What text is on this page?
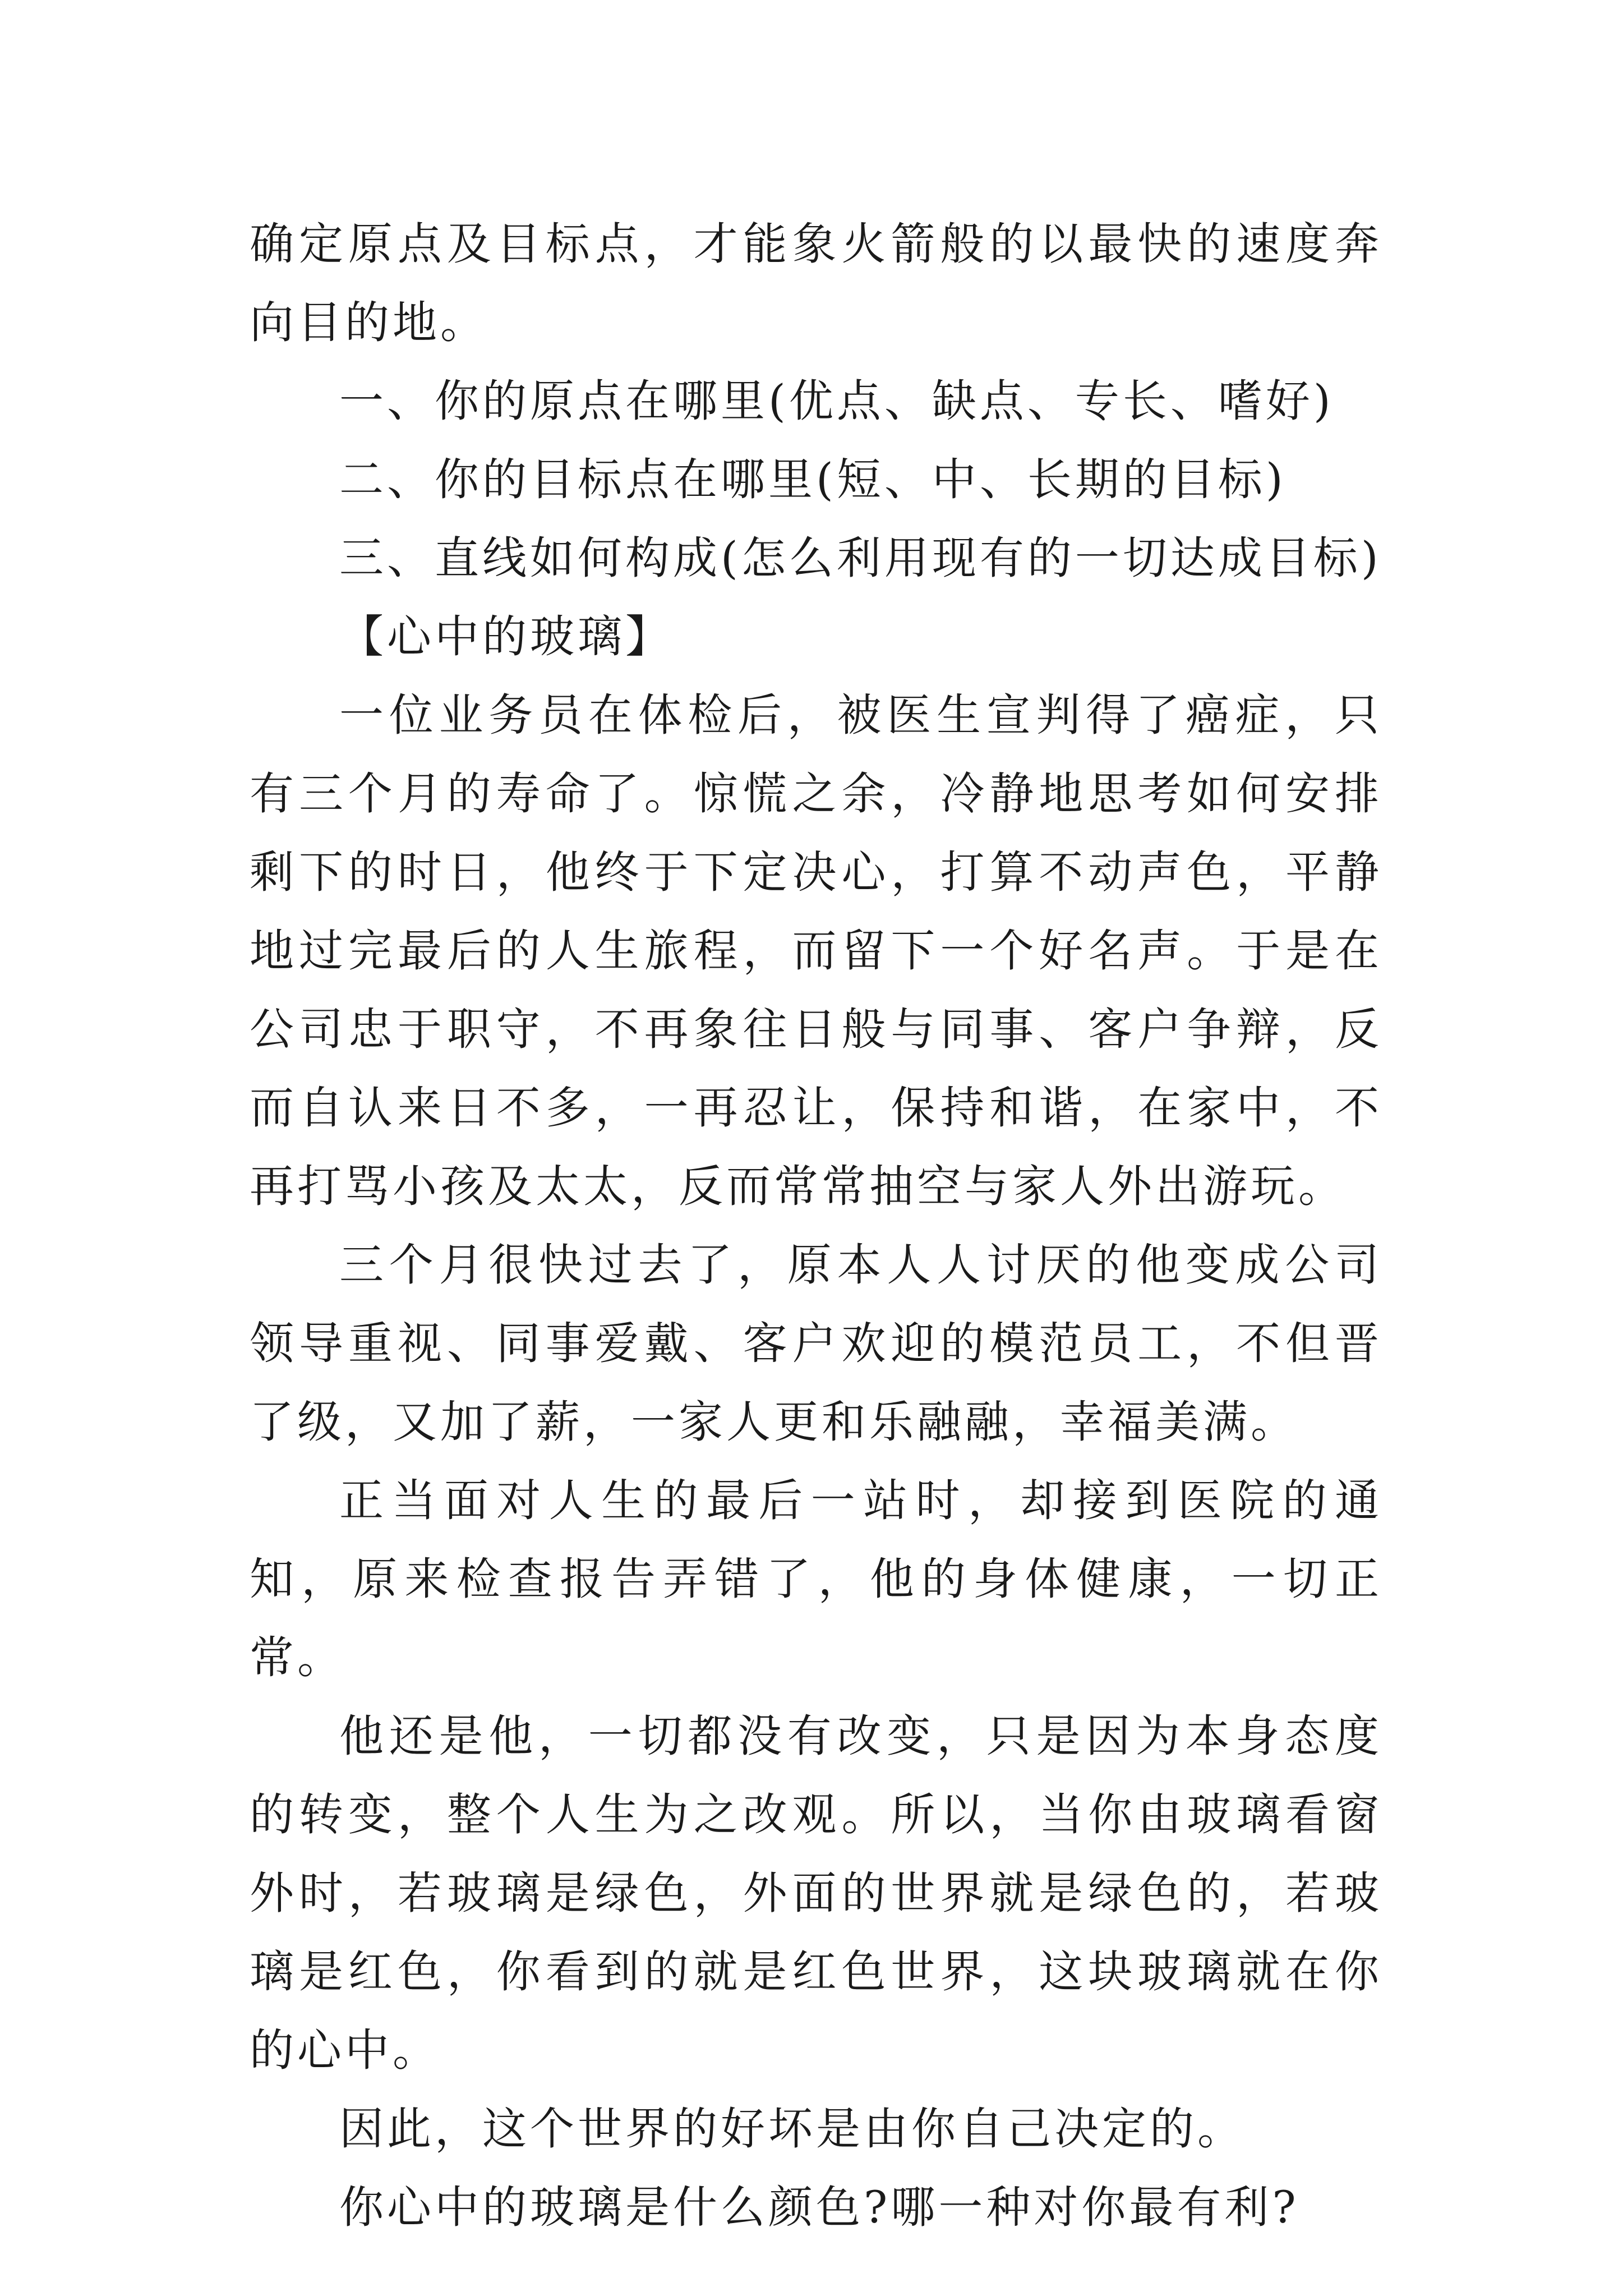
确定原点及目标点，才能象火箭般的以最快的速度奔向目的地。

一、你的原点在哪里(优点、缺点、专长、嗜好)

二、你的目标点在哪里(短、中、长期的目标)

三、直线如何构成(怎么利用现有的一切达成目标)

【心中的玻璃】

一位业务员在体检后，被医生宣判得了癌症，只有三个月的寿命了。惊慌之余，冷静地思考如何安排剩下的时日，他终于下定决心，打算不动声色，平静地过完最后的人生旅程，而留下一个好名声。于是在公司忠于职守，不再象往日般与同事、客户争辩，反而自认来日不多，一再忍让，保持和谐，在家中，不再打骂小孩及太太，反而常常抽空与家人外出游玩。

三个月很快过去了，原本人人讨厌的他变成公司领导重视、同事爱戴、客户欢迎的模范员工，不但晋了级，又加了薪，一家人更和乐融融，幸福美满。

正当面对人生的最后一站时，却接到医院的通知，原来检查报告弄错了，他的身体健康，一切正常。

他还是他，一切都没有改变，只是因为本身态度的转变，整个人生为之改观。所以，当你由玻璃看窗外时，若玻璃是绿色，外面的世界就是绿色的，若玻璃是红色，你看到的就是红色世界，这块玻璃就在你的心中。

因此，这个世界的好坏是由你自己决定的。

你心中的玻璃是什么颜色?哪一种对你最有利?
